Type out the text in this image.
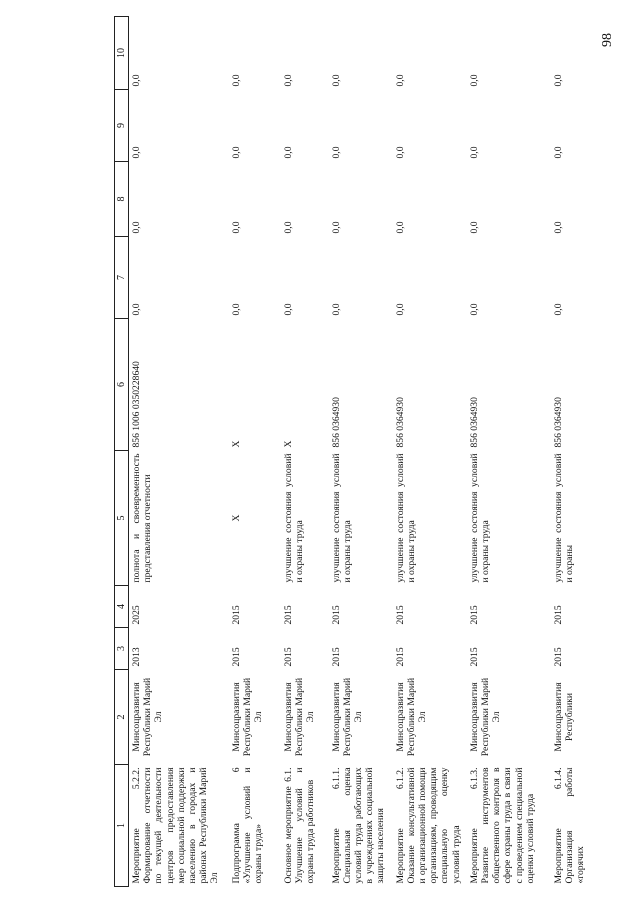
98
1	2	3	4	5	6	7	8	9	10
Мероприятие 5.2.2. Формирование отчетности по текущей деятельности центров предоставления мер социальной поддержки населению в городах и районах Республики Марий Эл	Минсоцразвития Республики Марий Эл	2013	2025	полнота и своевременность представления отчетности	856 1006 0350228640	0,0	0,0	0,0	0,0
Подпрограмма 6 «Улучшение условий и охраны труда»	Минсоцразвития Республики Марий Эл	2015	2015	X	X	0,0	0,0	0,0	0,0
Основное мероприятие 6.1. Улучшение условий и охраны труда работников	Минсоцразвития Республики Марий Эл	2015	2015	улучшение состояния условий и охраны труда	X	0,0	0,0	0,0	0,0
Мероприятие 6.1.1. Специальная оценка условий труда работающих в учреждениях социальной защиты населения	Минсоцразвития Республики Марий Эл	2015	2015	улучшение состояния условий и охраны труда	856 0364930	0,0	0,0	0,0	0,0
Мероприятие 6.1.2. Оказание консультативной и организационной помощи организациям, проводящим специальную оценку условий труда	Минсоцразвития Республики Марий Эл	2015	2015	улучшение состояния условий и охраны труда	856 0364930	0,0	0,0	0,0	0,0
Мероприятие 6.1.3. Развитие инструментов общественного контроля в сфере охраны труда в связи с проведением специальной оценки условий труда	Минсоцразвития Республики Марий Эл	2015	2015	улучшение состояния условий и охраны труда	856 0364930	0,0	0,0	0,0	0,0
Мероприятие 6.1.4. Организация работы «горячих	Минсоцразвития Республики	2015	2015	улучшение состояния условий и охраны	856 0364930	0,0	0,0	0,0	0,0
